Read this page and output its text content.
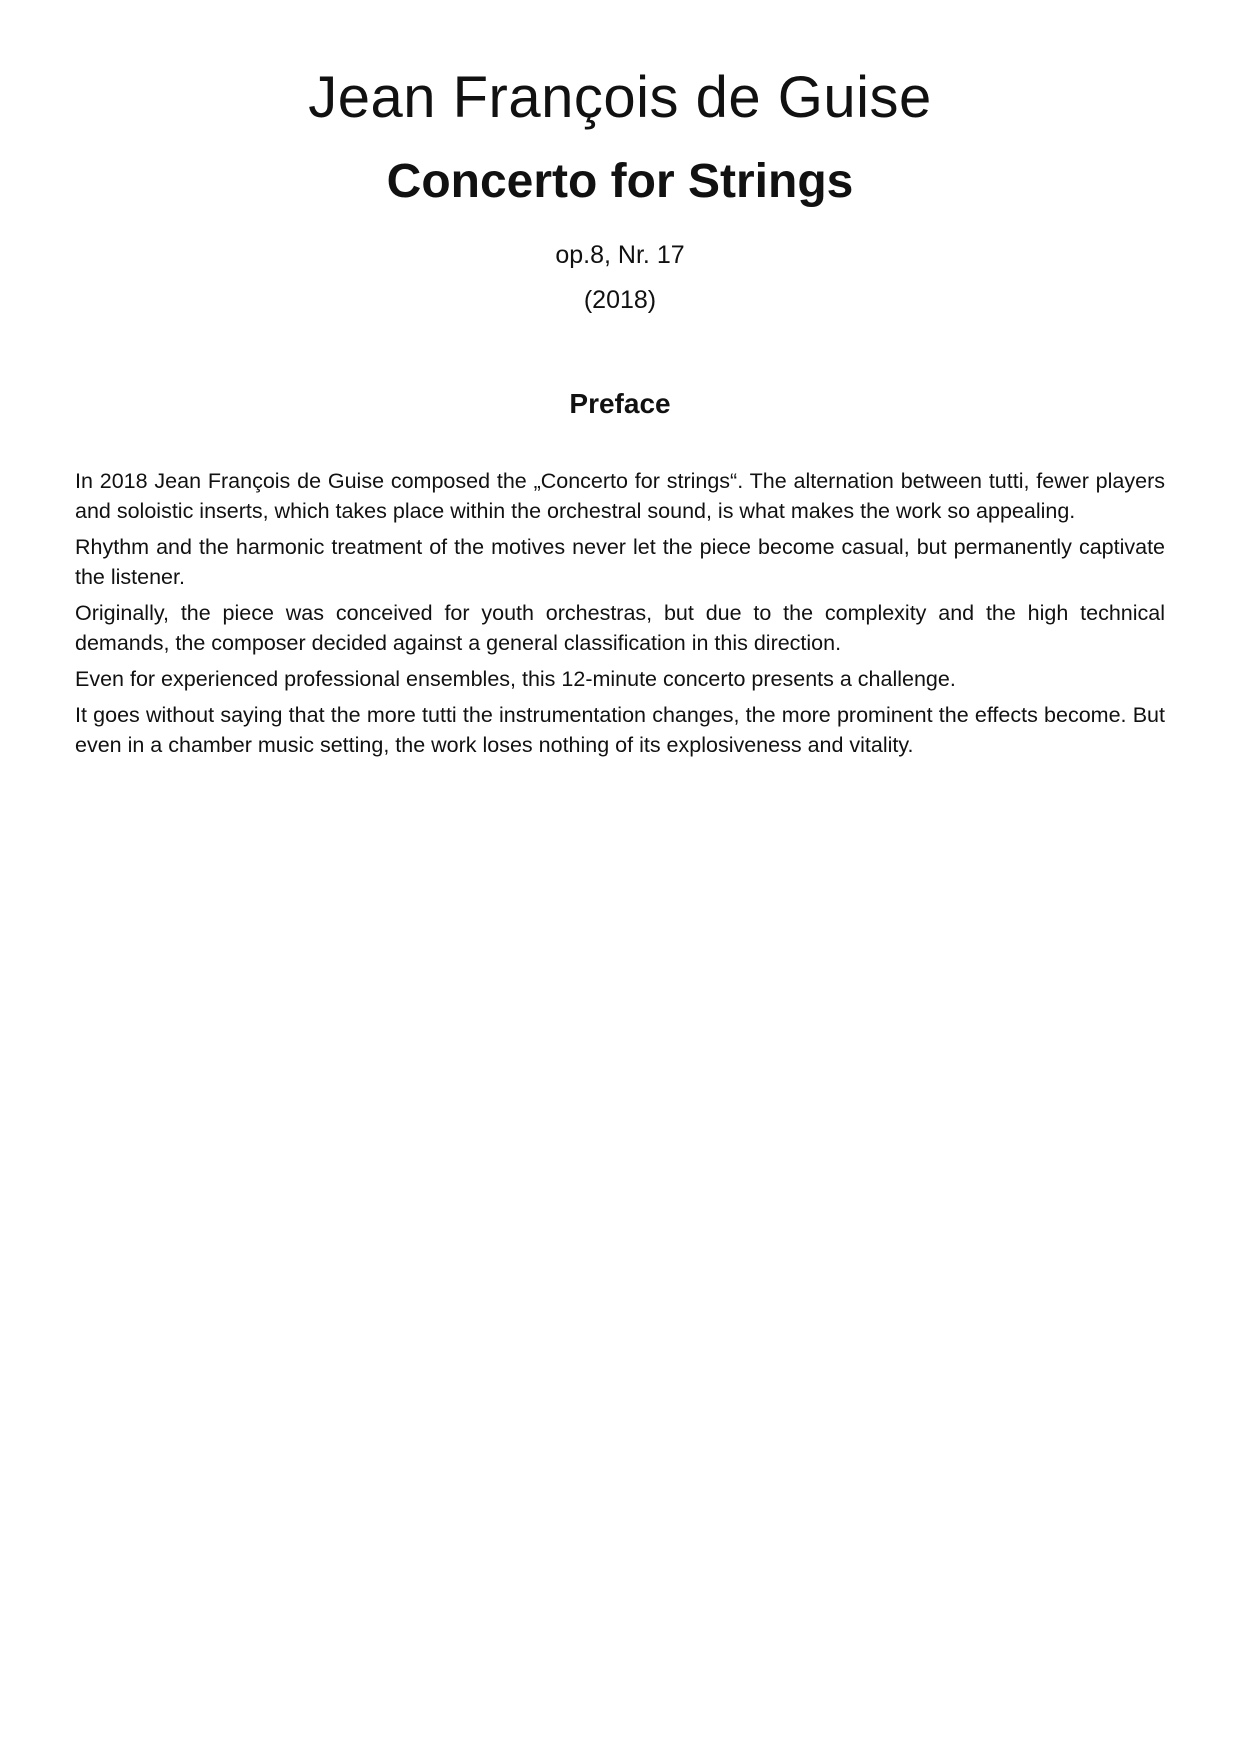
Jean François de Guise
Concerto for Strings
op.8, Nr. 17
(2018)
Preface

In 2018 Jean François de Guise composed the „Concerto for strings“. The alternation between tutti, fewer players and soloistic inserts, which takes place within the orchestral sound, is what makes the work so appealing.

Rhythm and the harmonic treatment of the motives never let the piece become casual, but permanently captivate the listener.

Originally, the piece was conceived for youth orchestras, but due to the complexity and the high technical demands, the composer decided against a general classification in this direction.

Even for experienced professional ensembles, this 12-minute concerto presents a challenge.

It goes without saying that the more tutti the instrumentation changes, the more prominent the effects become. But even in a chamber music setting, the work loses nothing of its explosiveness and vitality.
